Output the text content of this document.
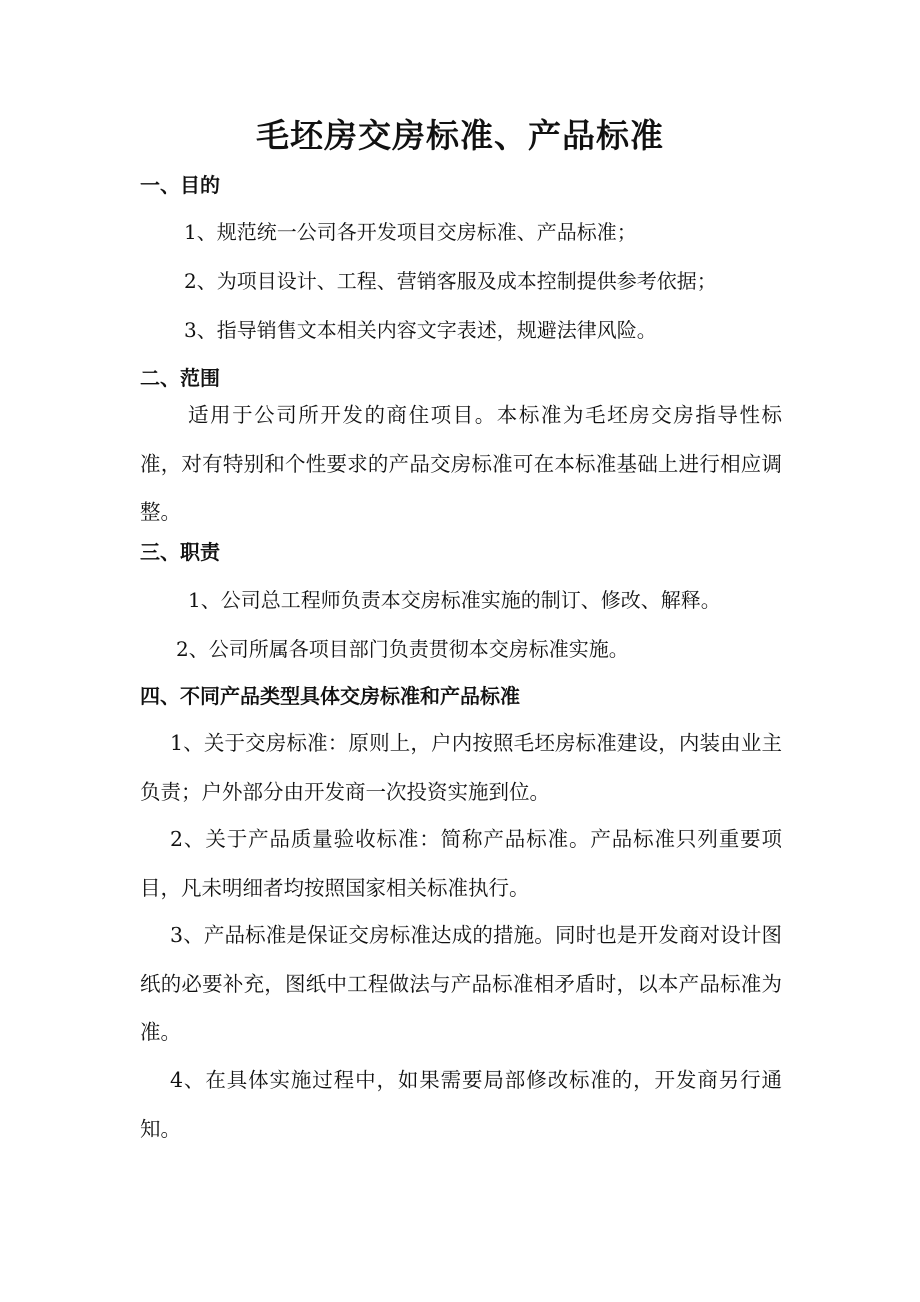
毛坯房交房标准、产品标准
一、目的
1、规范统一公司各开发项目交房标准、产品标准；
2、为项目设计、工程、营销客服及成本控制提供参考依据；
3、指导销售文本相关内容文字表述，规避法律风险。
二、范围

适用于公司所开发的商住项目。本标准为毛坯房交房指导性标准，对有特别和个性要求的产品交房标准可在本标准基础上进行相应调整。

三、职责
1、公司总工程师负责本交房标准实施的制订、修改、解释。
2、公司所属各项目部门负责贯彻本交房标准实施。
四、不同产品类型具体交房标准和产品标准

1、关于交房标准：原则上，户内按照毛坯房标准建设，内装由业主负责；户外部分由开发商一次投资实施到位。

2、关于产品质量验收标准：简称产品标准。产品标准只列重要项目，凡未明细者均按照国家相关标准执行。

3、产品标准是保证交房标准达成的措施。同时也是开发商对设计图纸的必要补充，图纸中工程做法与产品标准相矛盾时，以本产品标准为准。

4、在具体实施过程中，如果需要局部修改标准的，开发商另行通知。
